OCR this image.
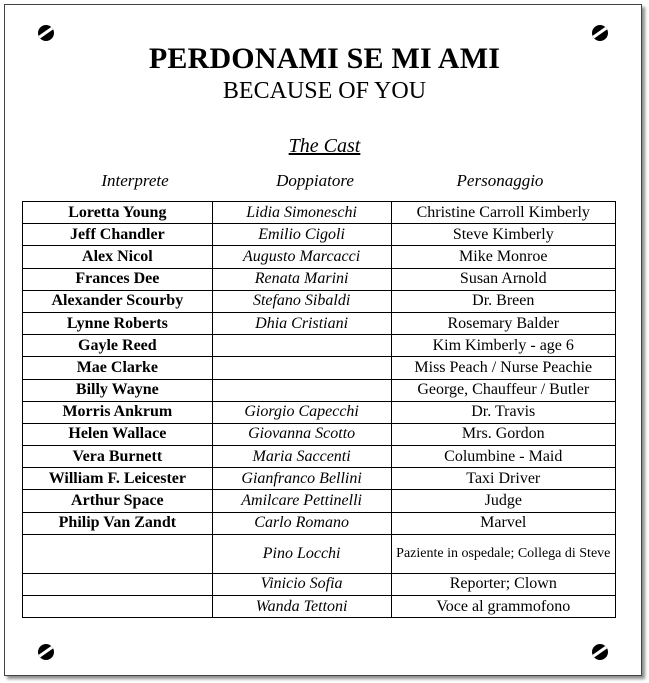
PERDONAMI SE MI AMI
BECAUSE OF YOU
The Cast
Interprete	Doppiatore	Personaggio
Loretta Young	Lidia Simoneschi	Christine Carroll Kimberly
Jeff Chandler	Emilio Cigoli	Steve Kimberly
Alex Nicol	Augusto Marcacci	Mike Monroe
Frances Dee	Renata Marini	Susan Arnold
Alexander Scourby	Stefano Sibaldi	Dr. Breen
Lynne Roberts	Dhia Cristiani	Rosemary Balder
Gayle Reed		Kim Kimberly - age 6
Mae Clarke		Miss Peach / Nurse Peachie
Billy Wayne		George, Chauffeur / Butler
Morris Ankrum	Giorgio Capecchi	Dr. Travis
Helen Wallace	Giovanna Scotto	Mrs. Gordon
Vera Burnett	Maria Saccenti	Columbine - Maid
William F. Leicester	Gianfranco Bellini	Taxi Driver
Arthur Space	Amilcare Pettinelli	Judge
Philip Van Zandt	Carlo Romano	Marvel
	Pino Locchi	Paziente in ospedale; Collega di Steve
	Vinicio Sofia	Reporter; Clown
	Wanda Tettoni	Voce al grammofono
